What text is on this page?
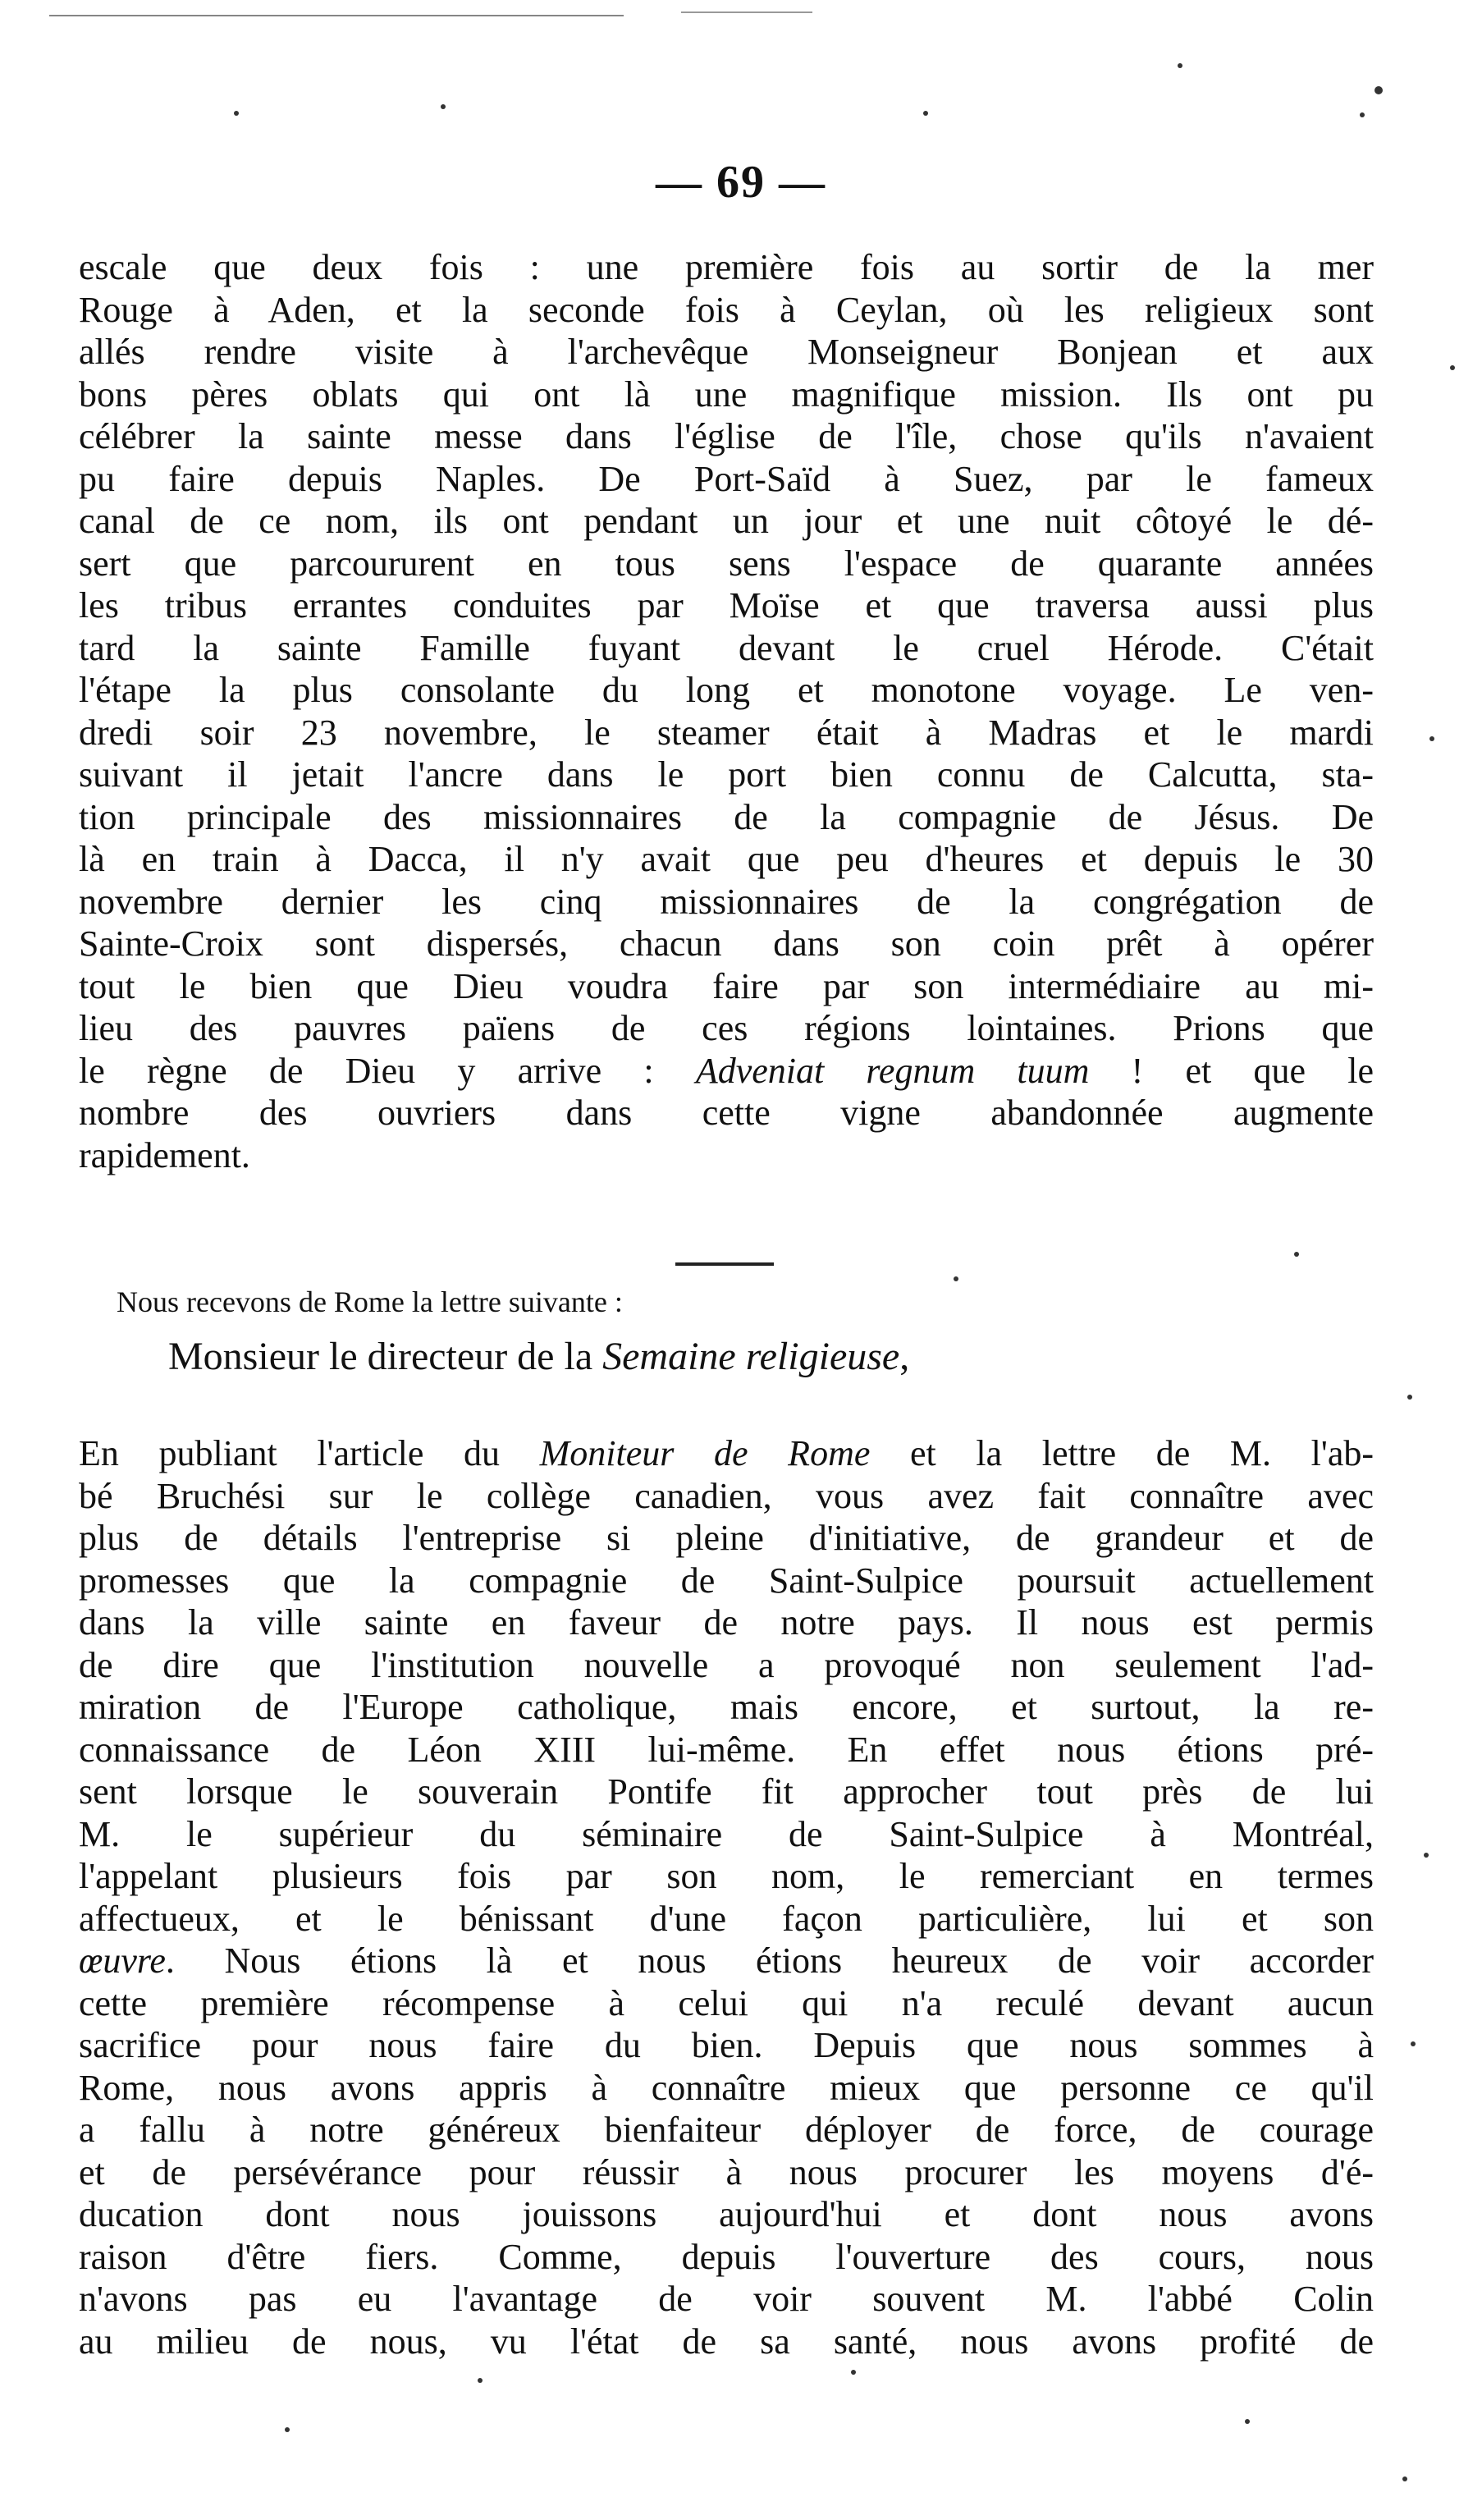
— 69 —
escale que deux fois : une première fois au sortir de la mer
Rouge à Aden, et la seconde fois à Ceylan, où les religieux sont
allés rendre visite à l'archevêque Monseigneur Bonjean et aux
bons pères oblats qui ont là une magnifique mission. Ils ont pu
célébrer la sainte messe dans l'église de l'île, chose qu'ils n'avaient
pu faire depuis Naples. De Port-Saïd à Suez, par le fameux
canal de ce nom, ils ont pendant un jour et une nuit côtoyé le dé-
sert que parcoururent en tous sens l'espace de quarante années
les tribus errantes conduites par Moïse et que traversa aussi plus
tard la sainte Famille fuyant devant le cruel Hérode. C'était
l'étape la plus consolante du long et monotone voyage. Le ven-
dredi soir 23 novembre, le steamer était à Madras et le mardi
suivant il jetait l'ancre dans le port bien connu de Calcutta, sta-
tion principale des missionnaires de la compagnie de Jésus. De
là en train à Dacca, il n'y avait que peu d'heures et depuis le 30
novembre dernier les cinq missionnaires de la congrégation de
Sainte-Croix sont dispersés, chacun dans son coin prêt à opérer
tout le bien que Dieu voudra faire par son intermédiaire au mi-
lieu des pauvres païens de ces régions lointaines. Prions que
le règne de Dieu y arrive : Adveniat regnum tuum ! et que le
nombre des ouvriers dans cette vigne abandonnée augmente
rapidement.
Nous recevons de Rome la lettre suivante :
Monsieur le directeur de la Semaine religieuse,
En publiant l'article du Moniteur de Rome et la lettre de M. l'ab-
bé Bruchési sur le collège canadien, vous avez fait connaître avec
plus de détails l'entreprise si pleine d'initiative, de grandeur et de
promesses que la compagnie de Saint-Sulpice poursuit actuellement
dans la ville sainte en faveur de notre pays. Il nous est permis
de dire que l'institution nouvelle a provoqué non seulement l'ad-
miration de l'Europe catholique, mais encore, et surtout, la re-
connaissance de Léon XIII lui-même. En effet nous étions pré-
sent lorsque le souverain Pontife fit approcher tout près de lui
M. le supérieur du séminaire de Saint-Sulpice à Montréal,
l'appelant plusieurs fois par son nom, le remerciant en termes
affectueux, et le bénissant d'une façon particulière, lui et son
œuvre. Nous étions là et nous étions heureux de voir accorder
cette première récompense à celui qui n'a reculé devant aucun
sacrifice pour nous faire du bien. Depuis que nous sommes à
Rome, nous avons appris à connaître mieux que personne ce qu'il
a fallu à notre généreux bienfaiteur déployer de force, de courage
et de persévérance pour réussir à nous procurer les moyens d'é-
ducation dont nous jouissons aujourd'hui et dont nous avons
raison d'être fiers. Comme, depuis l'ouverture des cours, nous
n'avons pas eu l'avantage de voir souvent M. l'abbé Colin
au milieu de nous, vu l'état de sa santé, nous avons profité de
